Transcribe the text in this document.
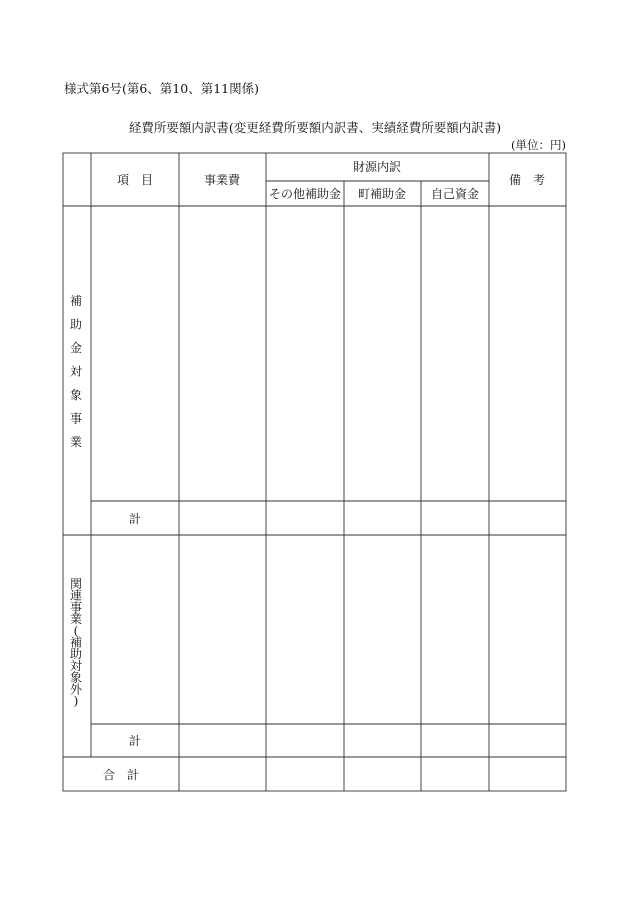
様式第6号(第6、第10、第11関係)
経費所要額内訳書(変更経費所要額内訳書、実績経費所要額内訳書)
(単位：円)
項　目	事業費
財源内訳
その他補助金 町補助金 自己資金
備　考
補
助
金
対
象
事
業
関
連
事
業
(
補
助
対
象
外
)
計
計
合　計
